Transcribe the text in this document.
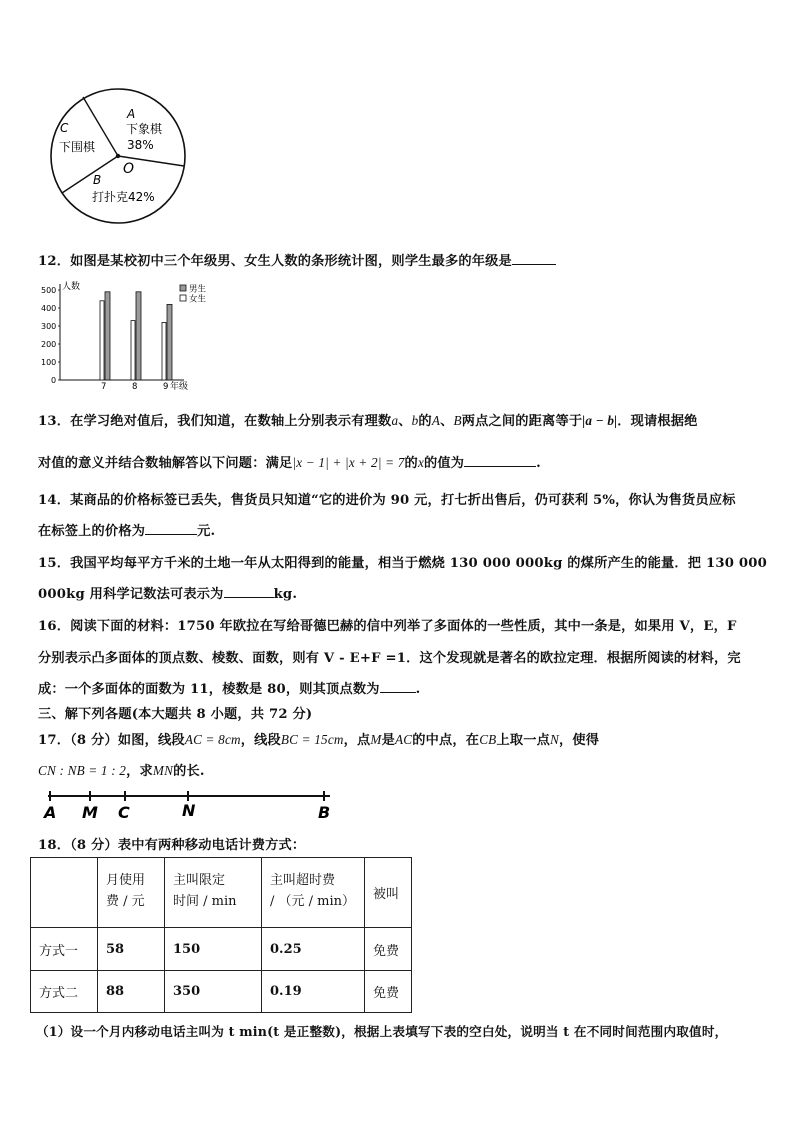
C
下围棋
A
下象棋
38%
O
B
打扑克42%
12．如图是某校初中三个年级男、女生人数的条形统计图，则学生最多的年级是
0
100
200
300
400
500 人数
年级
7	8	9
男生
女生
13．在学习绝对值后，我们知道，在数轴上分别表示有理数a、b的A、B两点之间的距离等于|a − b|．现请根据绝
对值的意义并结合数轴解答以下问题：满足|x − 1| + |x + 2| = 7的x的值为	.
14．某商品的价格标签已丢失，售货员只知道“它的进价为 90 元，打七折出售后，仍可获利 5%，你认为售货员应标
在标签上的价格为	元.
15．我国平均每平方千米的土地一年从太阳得到的能量，相当于燃烧 130 000 000kg 的煤所产生的能量．把 130 000
000kg 用科学记数法可表示为	kg.
16．阅读下面的材料：1750 年欧拉在写给哥德巴赫的信中列举了多面体的一些性质，其中一条是，如果用 V，E，F
分别表示凸多面体的顶点数、棱数、面数，则有 V - E+F =1．这个发现就是著名的欧拉定理．根据所阅读的材料，完
成：一个多面体的面数为 11，棱数是 80，则其顶点数为	.
三、解下列各题(本大题共 8 小题，共 72 分)
17．（8 分）如图，线段AC = 8cm，线段BC = 15cm，点M是AC的中点，在CB上取一点N，使得
CN : NB = 1 : 2，求MN的长.
A M C	N	B
18．（8 分）表中有两种移动电话计费方式：
	月使用
费 / 元	主叫限定
时间 / min	主叫超时费
/ （元 / min）	被叫
方式一	58	150	0.25	免费
方式二	88	350	0.19	免费
（1）设一个月内移动电话主叫为 t min(t 是正整数)，根据上表填写下表的空白处，说明当 t 在不同时间范围内取值时，
